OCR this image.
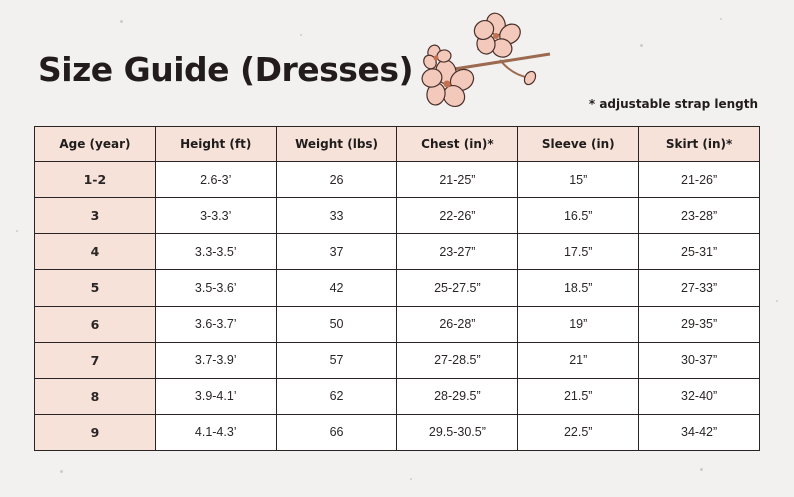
Size Guide (Dresses)
* adjustable strap length
Age (year)	Height (ft)	Weight (lbs)	Chest (in)*	Sleeve (in)	Skirt (in)*
1-2	2.6-3’	26	21-25”	15”	21-26”
3	3-3.3’	33	22-26”	16.5”	23-28”
4	3.3-3.5’	37	23-27”	17.5”	25-31”
5	3.5-3.6’	42	25-27.5”	18.5”	27-33”
6	3.6-3.7’	50	26-28”	19”	29-35”
7	3.7-3.9’	57	27-28.5”	21”	30-37”
8	3.9-4.1’	62	28-29.5”	21.5”	32-40”
9	4.1-4.3’	66	29.5-30.5”	22.5”	34-42”
